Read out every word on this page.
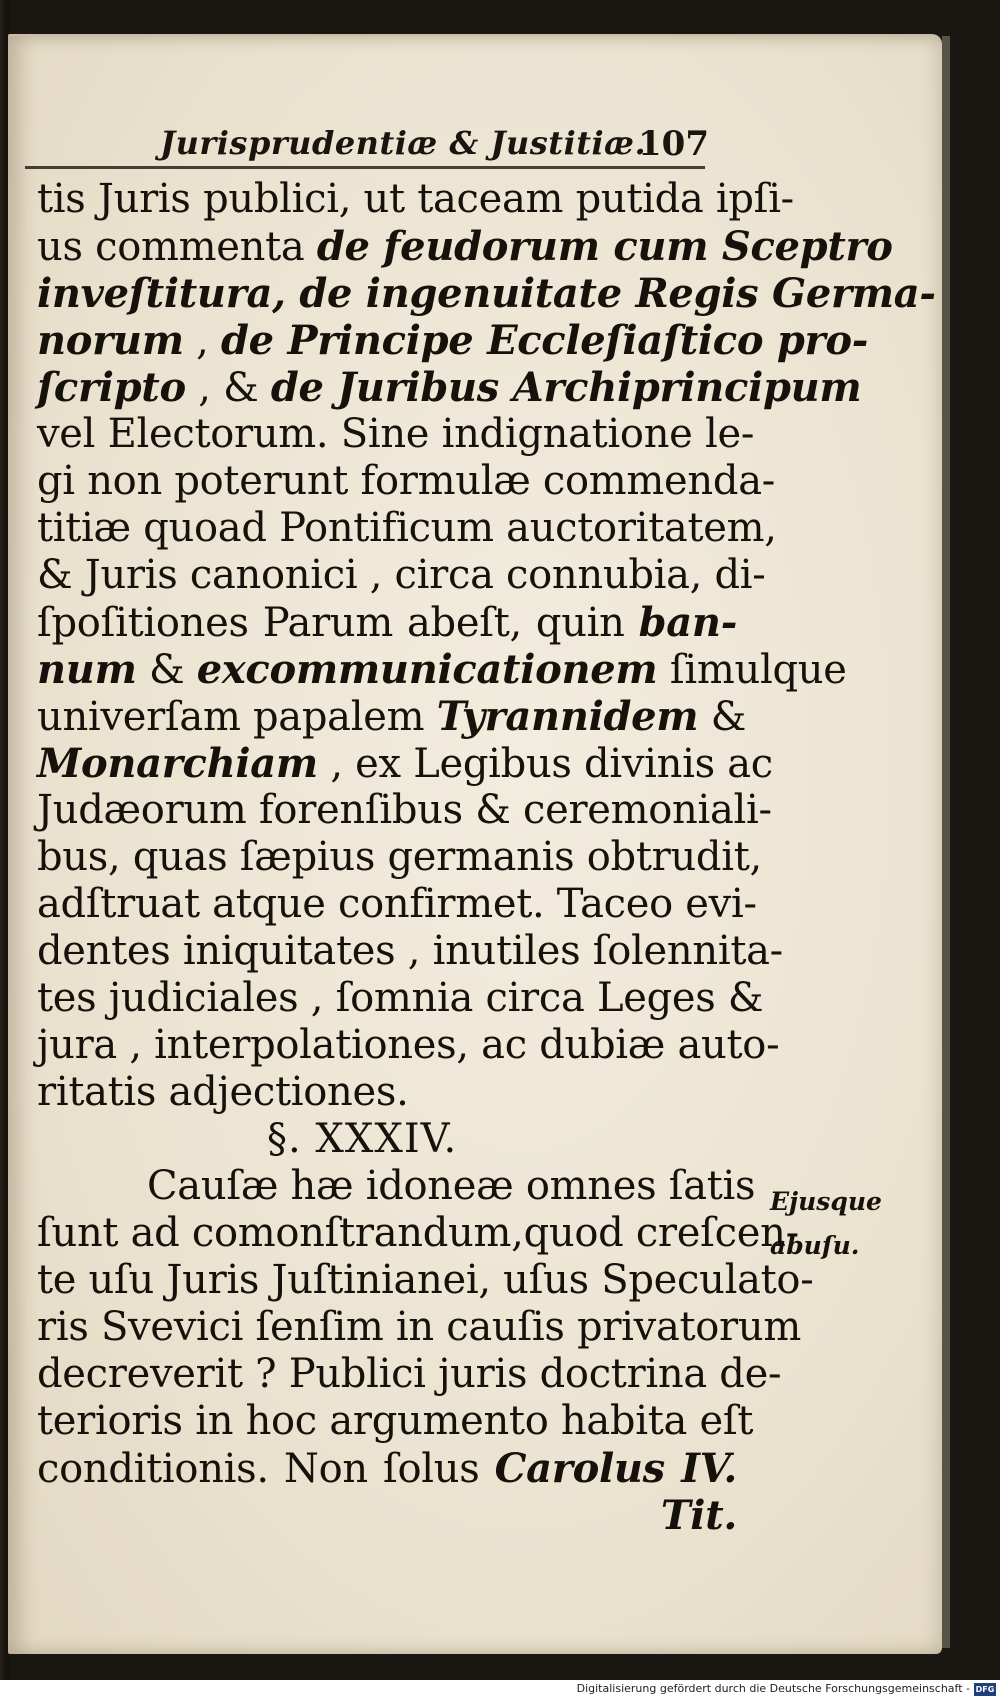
Jurisprudentiæ & Justitiæ.
107
tis Juris publici, ut taceam putida ipſi-
us commenta de feudorum cum Sceptro
inveſtitura, de ingenuitate Regis Germa-
norum , de Principe Eccleſiaſtico pro-
ſcripto , & de Juribus Archiprincipum
vel Electorum. Sine indignatione le-
gi non poterunt formulæ commenda-
titiæ quoad Pontificum auctoritatem,
& Juris canonici , circa connubia, di-
ſpoſitiones Parum abeſt, quin ban-
num & excommunicationem ſimulque
univerſam papalem Tyrannidem &
Monarchiam , ex Legibus divinis ac
Judæorum forenſibus & ceremoniali-
bus, quas ſæpius germanis obtrudit,
adſtruat atque confirmet. Taceo evi-
dentes iniquitates , inutiles ſolennita-
tes judiciales , ſomnia circa Leges &
jura , interpolationes, ac dubiæ auto-
ritatis adjectiones.
§. XXXIV.
Cauſæ hæ idoneæ omnes ſatis
ſunt ad comonſtrandum,quod creſcen-
te uſu Juris Juſtinianei, uſus Speculato-
ris Svevici ſenſim in cauſis privatorum
decreverit ? Publici juris doctrina de-
terioris in hoc argumento habita eſt
conditionis. Non ſolus Carolus IV.
Tit.
Ejusque
abuſu.
Digitalisierung gefördert durch die Deutsche Forschungsgemeinschaft - DFG
